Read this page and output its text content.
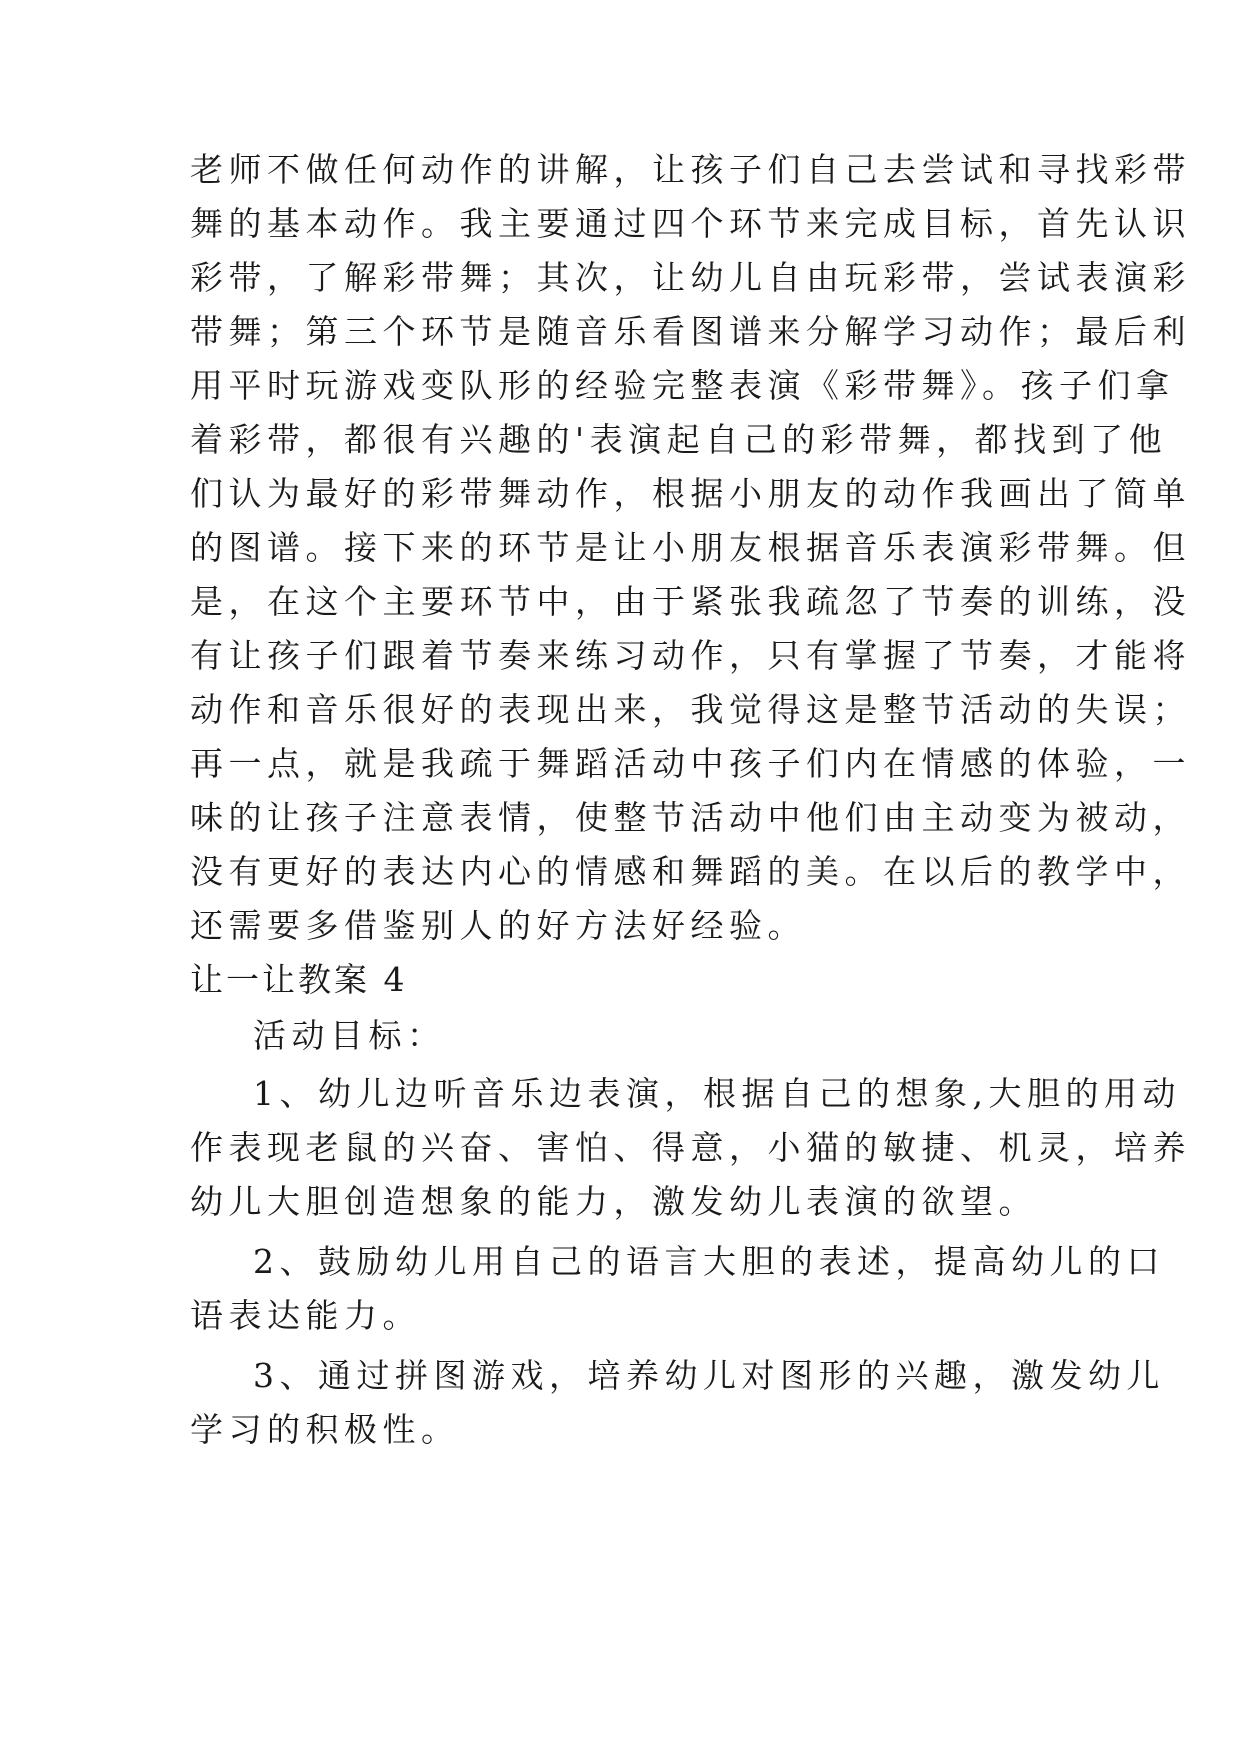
老师不做任何动作的讲解，让孩子们自己去尝试和寻找彩带
舞的基本动作。我主要通过四个环节来完成目标，首先认识
彩带，了解彩带舞；其次，让幼儿自由玩彩带，尝试表演彩
带舞；第三个环节是随音乐看图谱来分解学习动作；最后利
用平时玩游戏变队形的经验完整表演《彩带舞》。孩子们拿
着彩带，都很有兴趣的'表演起自己的彩带舞，都找到了他
们认为最好的彩带舞动作，根据小朋友的动作我画出了简单
的图谱。接下来的环节是让小朋友根据音乐表演彩带舞。但
是，在这个主要环节中，由于紧张我疏忽了节奏的训练，没
有让孩子们跟着节奏来练习动作，只有掌握了节奏，才能将
动作和音乐很好的表现出来，我觉得这是整节活动的失误；
再一点，就是我疏于舞蹈活动中孩子们内在情感的体验，一
味的让孩子注意表情，使整节活动中他们由主动变为被动，
没有更好的表达内心的情感和舞蹈的美。在以后的教学中，
还需要多借鉴别人的好方法好经验。
让一让教案 4
活动目标：
1、幼儿边听音乐边表演，根据自己的想象,大胆的用动
作表现老鼠的兴奋、害怕、得意，小猫的敏捷、机灵，培养
幼儿大胆创造想象的能力，激发幼儿表演的欲望。
2、鼓励幼儿用自己的语言大胆的表述，提高幼儿的口
语表达能力。
3、通过拼图游戏，培养幼儿对图形的兴趣，激发幼儿
学习的积极性。
